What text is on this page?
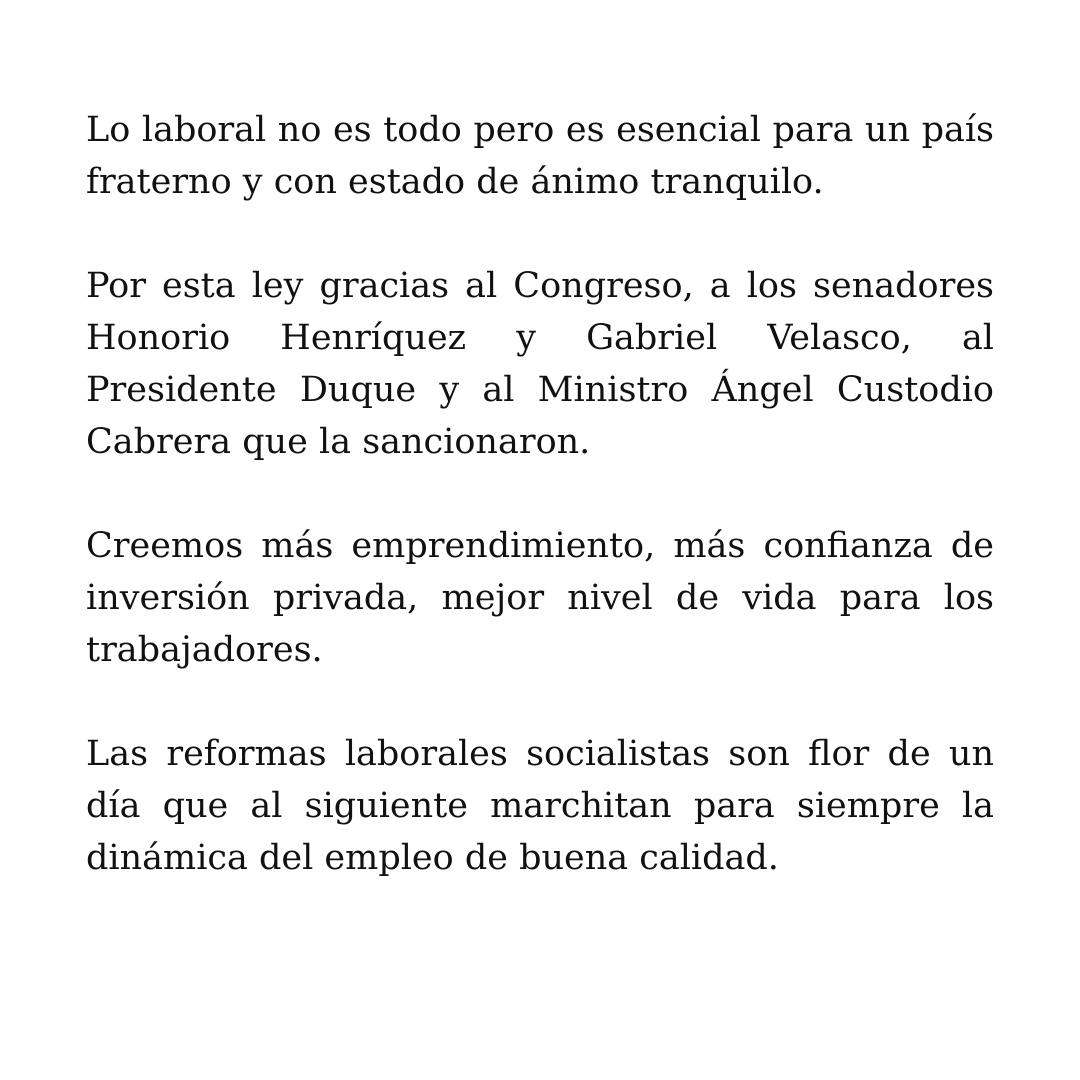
Lo laboral no es todo pero es esencial para un país fraterno y con estado de ánimo tranquilo.

Por esta ley gracias al Congreso, a los senadores Honorio Henríquez y Gabriel Velasco, al Presidente Duque y al Ministro Ángel Custodio Cabrera que la sancionaron.

Creemos más emprendimiento, más confianza de inversión privada, mejor nivel de vida para los trabajadores.

Las reformas laborales socialistas son flor de un día que al siguiente marchitan para siempre la dinámica del empleo de buena calidad.
